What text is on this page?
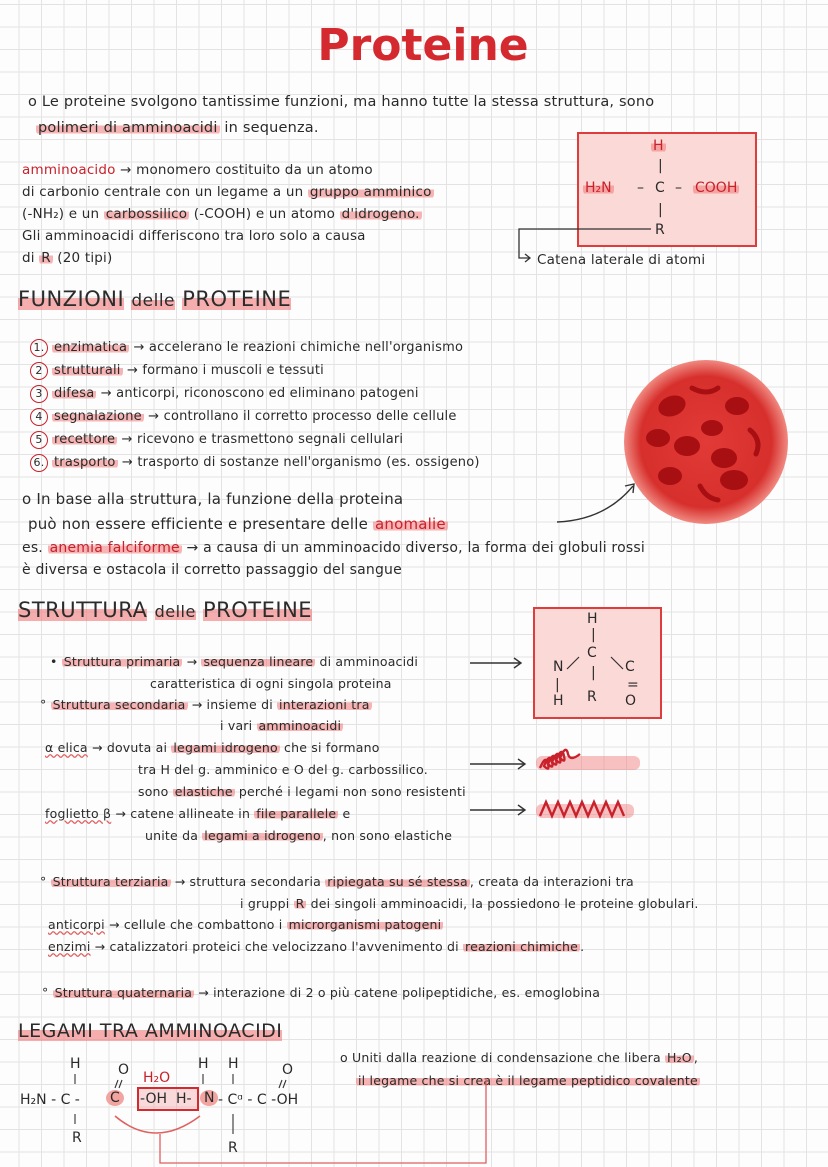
Proteine
o Le proteine svolgono tantissime funzioni, ma hanno tutte la stessa struttura, sono
polimeri di amminoacidi in sequenza.
amminoacido → monomero costituito da un atomo
di carbonio centrale con un legame a un gruppo amminico
(-NH₂) e un carbossilico (-COOH) e un atomo d'idrogeno.
Gli amminoacidi differiscono tra loro solo a causa
di R (20 tipi)
H
|
H₂N – C – COOH
|
R
Catena laterale di atomi
FUNZIONI delle PROTEINE
1. enzimatica → accelerano le reazioni chimiche nell'organismo
2 strutturali → formano i muscoli e tessuti
3 difesa → anticorpi, riconoscono ed eliminano patogeni
4 segnalazione → controllano il corretto processo delle cellule
5 recettore → ricevono e trasmettono segnali cellulari
6. trasporto → trasporto di sostanze nell'organismo (es. ossigeno)
o In base alla struttura, la funzione della proteina
può non essere efficiente e presentare delle anomalie
es. anemia falciforme → a causa di un amminoacido diverso, la forma dei globuli rossi
è diversa e ostacola il corretto passaggio del sangue
STRUTTURA delle PROTEINE	H
|
C
N	C
|
|	=
H R O
• Struttura primaria → sequenza lineare di amminoacidi
caratteristica di ogni singola proteina
° Struttura secondaria → insieme di interazioni tra
i vari amminoacidi
α elica → dovuta ai legami idrogeno che si formano
tra H del g. amminico e O del g. carbossilico.
sono elastiche perché i legami non sono resistenti
foglietto β → catene allineate in file parallele e
unite da legami a idrogeno , non sono elastiche
° Struttura terziaria → struttura secondaria ripiegata su sé stessa , creata da interazioni tra
i gruppi R dei singoli amminoacidi, la possiedono le proteine globulari.
anticorpi → cellule che combattono i microrganismi patogeni
enzimi → catalizzatori proteici che velocizzano l'avvenimento di reazioni chimiche .
° Struttura quaternaria → interazione di 2 o più catene polipeptidiche, es. emoglobina
LEGAMI TRA AMMINOACIDI
o Uniti dalla reazione di condensazione che libera H₂O ,
il legame che si crea è il legame peptidico covalente
H	O H₂O
H H	O
H₂N - C - C -OH H- N - Cᵅ - C -OH
R
R
